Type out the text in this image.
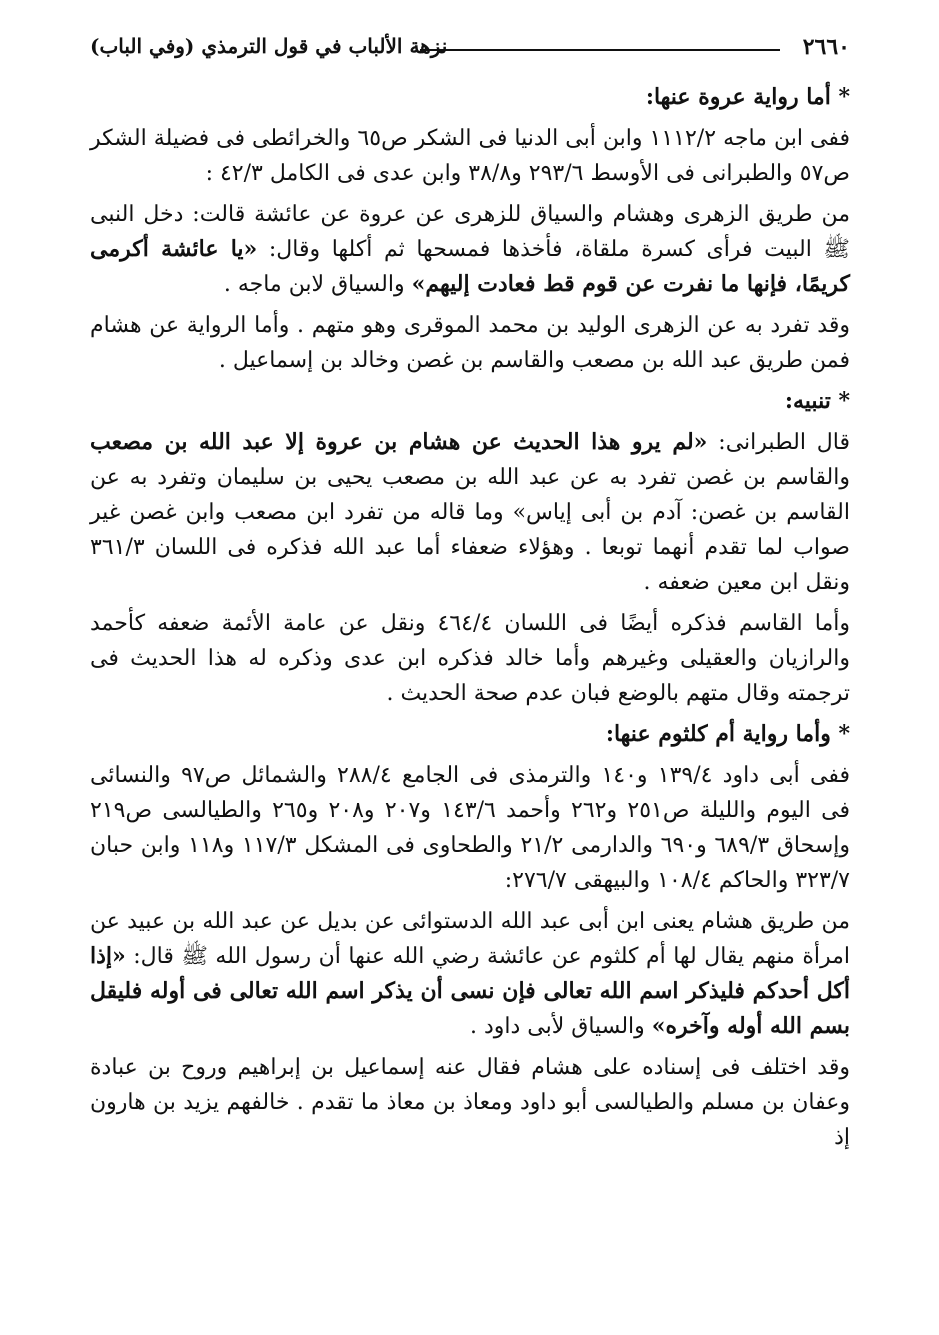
٢٦٦٠
نزهة الألباب في قول الترمذي (وفي الباب)

* أما رواية عروة عنها:

ففى ابن ماجه ١١١٢/٢ وابن أبى الدنيا فى الشكر ص٦٥ والخرائطى فى فضيلة الشكر ص٥٧ والطبرانى فى الأوسط ٢٩٣/٦ و٣٨/٨ وابن عدى فى الكامل ٤٢/٣ :

من طريق الزهرى وهشام والسياق للزهرى عن عروة عن عائشة قالت: دخل النبى ﷺ البيت فرأى كسرة ملقاة، فأخذها فمسحها ثم أكلها وقال: «يا عائشة أكرمى كريمًا، فإنها ما نفرت عن قوم قط فعادت إليهم» والسياق لابن ماجه .

وقد تفرد به عن الزهرى الوليد بن محمد الموقرى وهو متهم . وأما الرواية عن هشام فمن طريق عبد الله بن مصعب والقاسم بن غصن وخالد بن إسماعيل .

* تنبيه:

قال الطبرانى: «لم يرو هذا الحديث عن هشام بن عروة إلا عبد الله بن مصعب والقاسم بن غصن تفرد به عن عبد الله بن مصعب يحيى بن سليمان وتفرد به عن القاسم بن غصن: آدم بن أبى إياس» وما قاله من تفرد ابن مصعب وابن غصن غير صواب لما تقدم أنهما توبعا . وهؤلاء ضعفاء أما عبد الله فذكره فى اللسان ٣٦١/٣ ونقل ابن معين ضعفه .

وأما القاسم فذكره أيضًا فى اللسان ٤٦٤/٤ ونقل عن عامة الأئمة ضعفه كأحمد والرازيان والعقيلى وغيرهم وأما خالد فذكره ابن عدى وذكره له هذا الحديث فى ترجمته وقال متهم بالوضع فبان عدم صحة الحديث .

* وأما رواية أم كلثوم عنها:

ففى أبى داود ١٣٩/٤ و١٤٠ والترمذى فى الجامع ٢٨٨/٤ والشمائل ص٩٧ والنسائى فى اليوم والليلة ص٢٥١ و٢٦٢ وأحمد ١٤٣/٦ و٢٠٧ و٢٠٨ و٢٦٥ والطيالسى ص٢١٩ وإسحاق ٦٨٩/٣ و٦٩٠ والدارمى ٢١/٢ والطحاوى فى المشكل ١١٧/٣ و١١٨ وابن حبان ٣٢٣/٧ والحاكم ١٠٨/٤ والبيهقى ٢٧٦/٧:

من طريق هشام يعنى ابن أبى عبد الله الدستوائى عن بديل عن عبد الله بن عبيد عن امرأة منهم يقال لها أم كلثوم عن عائشة رضي الله عنها أن رسول الله ﷺ قال: «إذا أكل أحدكم فليذكر اسم الله تعالى فإن نسى أن يذكر اسم الله تعالى فى أوله فليقل بسم الله أوله وآخره» والسياق لأبى داود .

وقد اختلف فى إسناده على هشام فقال عنه إسماعيل بن إبراهيم وروح بن عبادة وعفان بن مسلم والطيالسى أبو داود ومعاذ بن معاذ ما تقدم . خالفهم يزيد بن هارون إذ
